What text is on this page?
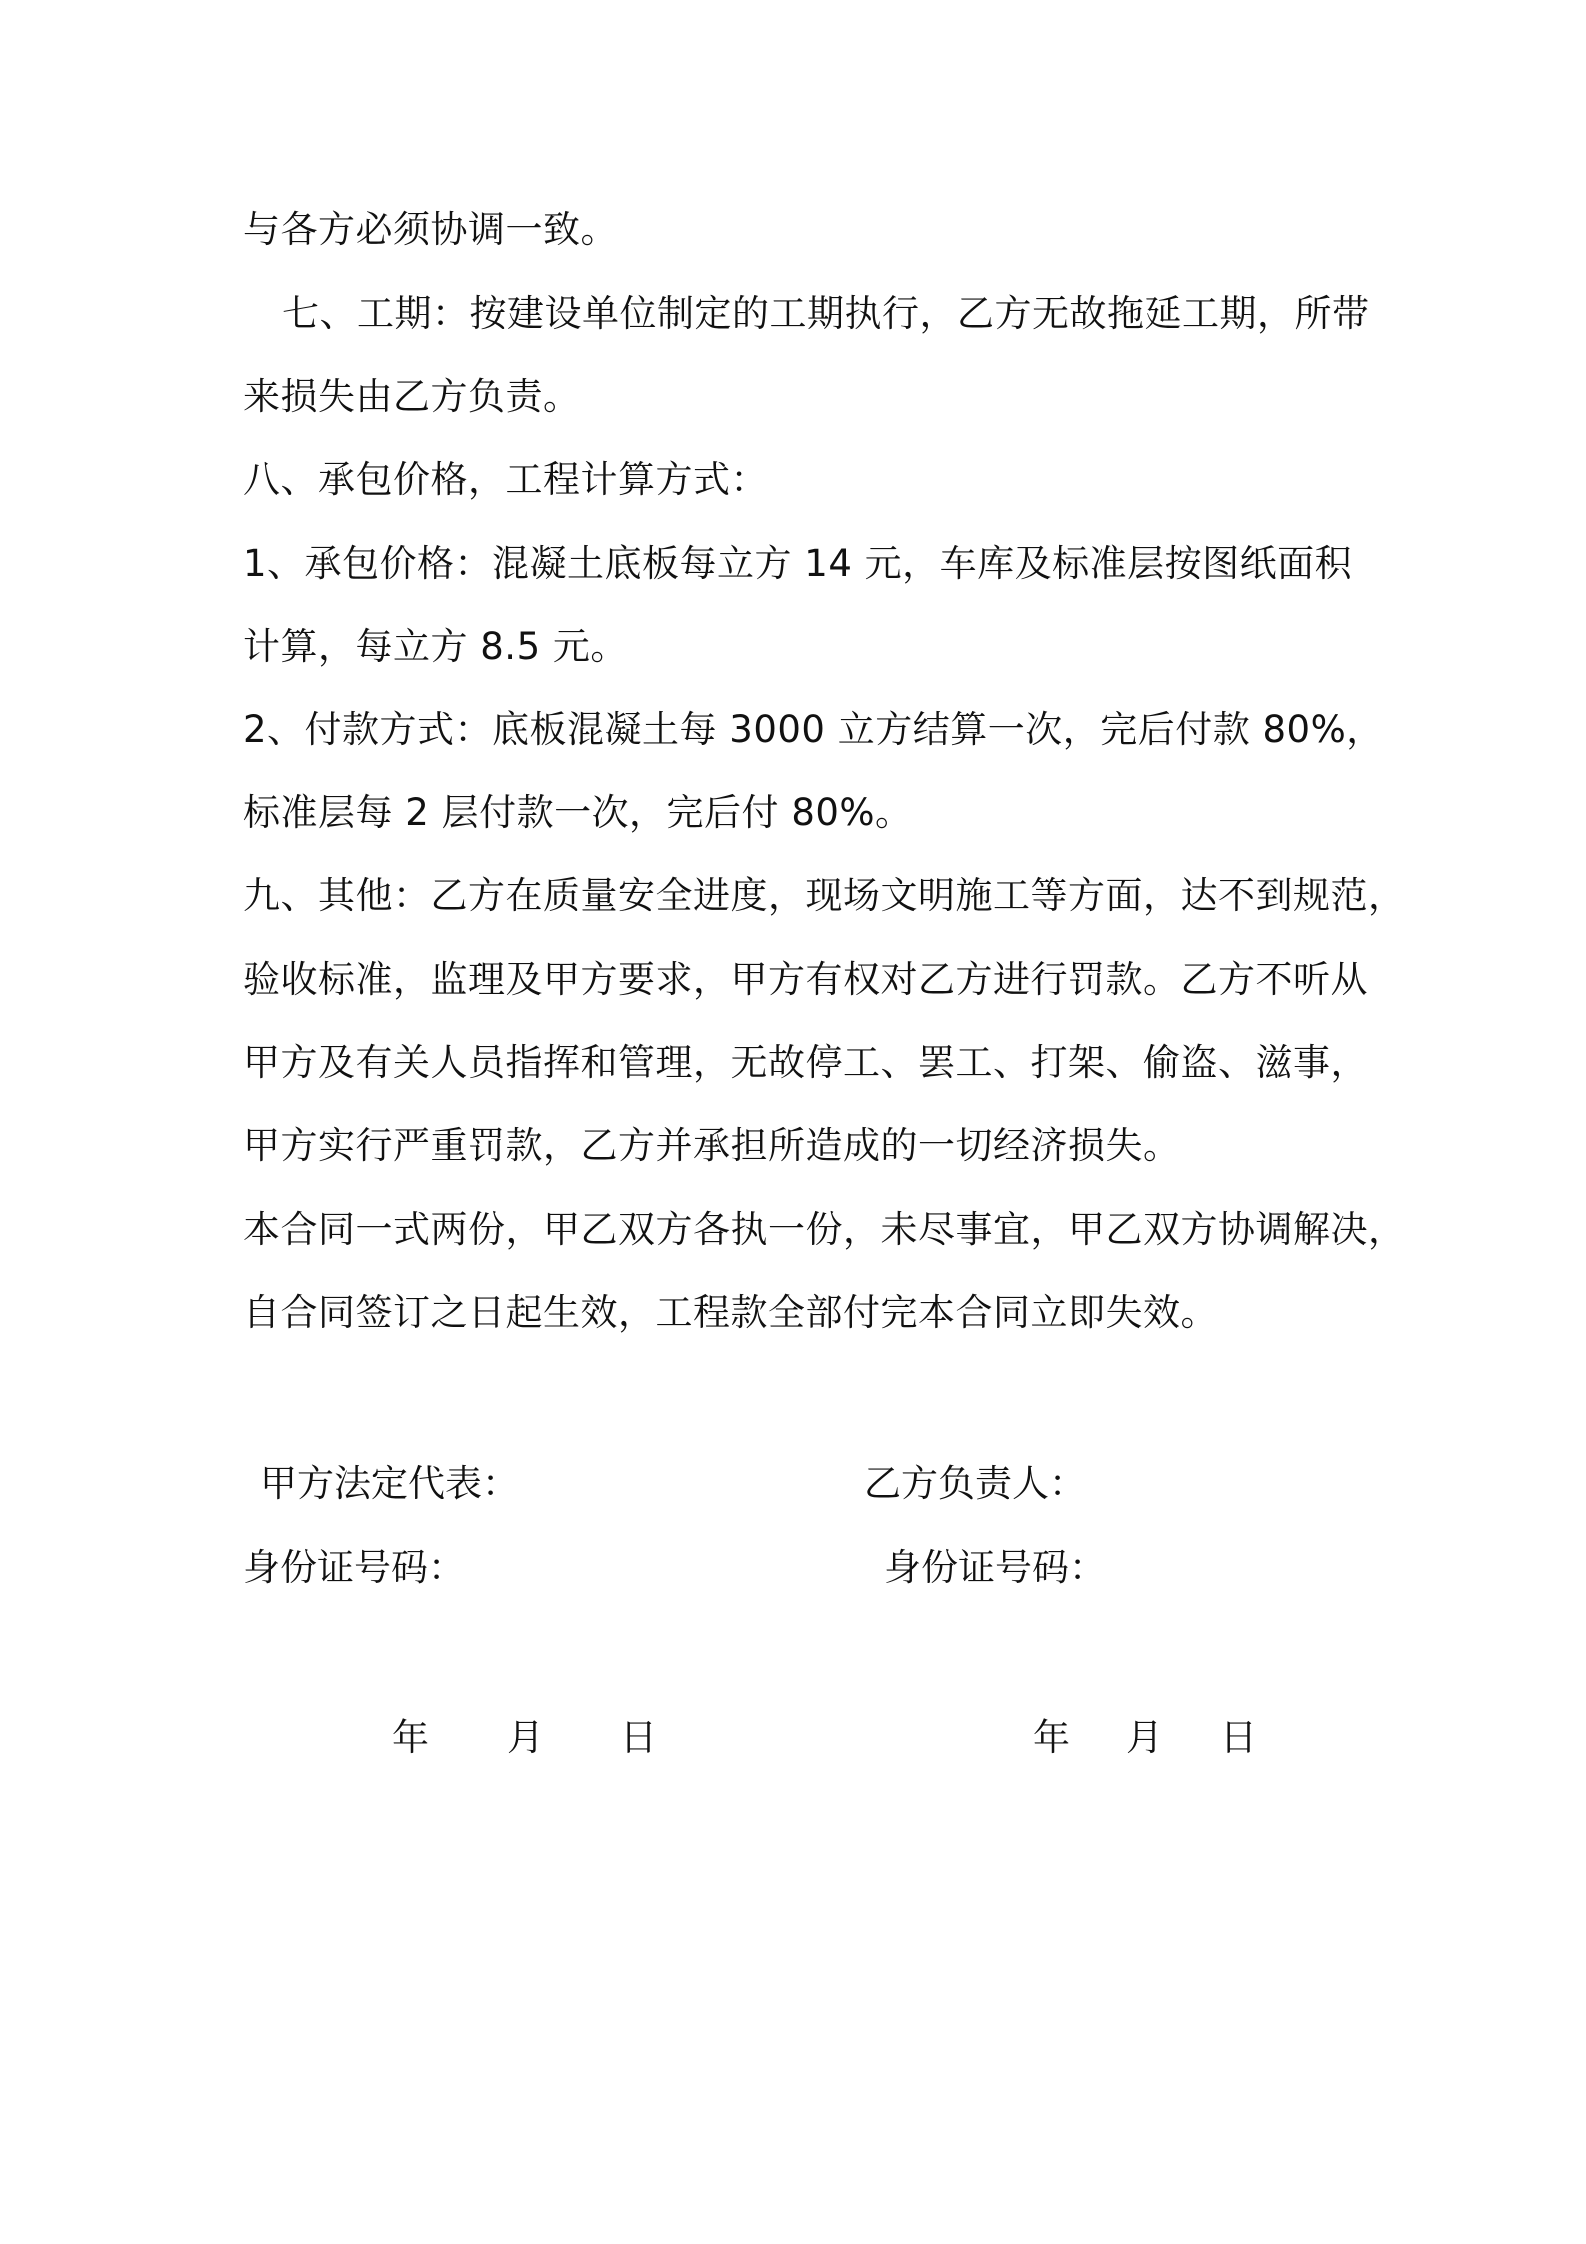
与各方必须协调一致。
七、工期：按建设单位制定的工期执行，乙方无故拖延工期，所带
来损失由乙方负责。
八、承包价格，工程计算方式：
1、承包价格：混凝土底板每立方 14 元，车库及标准层按图纸面积
计算，每立方 8.5 元。
2、付款方式：底板混凝土每 3000 立方结算一次，完后付款 80%，
标准层每 2 层付款一次，完后付 80%。
九、其他：乙方在质量安全进度，现场文明施工等方面，达不到规范，
验收标准，监理及甲方要求，甲方有权对乙方进行罚款。乙方不听从
甲方及有关人员指挥和管理，无故停工、罢工、打架、偷盗、滋事，
甲方实行严重罚款，乙方并承担所造成的一切经济损失。
本合同一式两份，甲乙双方各执一份，未尽事宜，甲乙双方协调解决，
自合同签订之日起生效，工程款全部付完本合同立即失效。
甲方法定代表：	乙方负责人：
身份证号码：	身份证号码：
年 月 日	年 月 日
